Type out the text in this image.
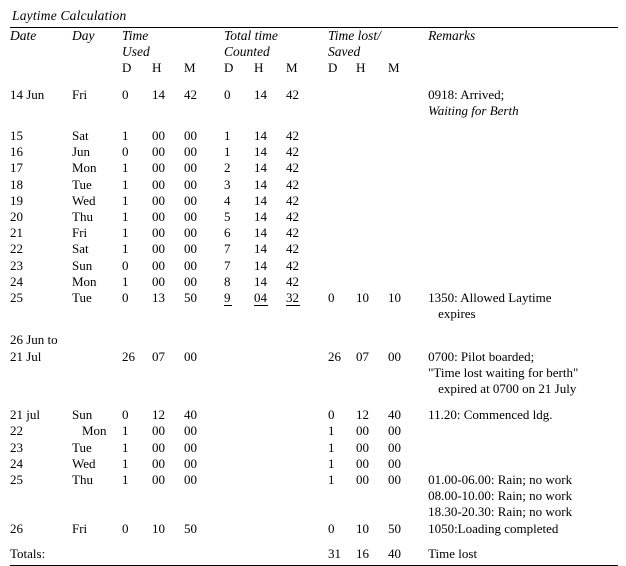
Laytime Calculation
Date	Day	Time			Total time			Time lost/			Remarks
		Used			Counted			Saved			
		D	H	M	D	H	M	D	H	M	

14 Jun	Fri	0	14	42	0	14	42				0918: Arrived;
											Waiting for Berth

15	Sat	1	00	00	1	14	42				
16	Jun	0	00	00	1	14	42				
17	Mon	1	00	00	2	14	42				
18	Tue	1	00	00	3	14	42				
19	Wed	1	00	00	4	14	42				
20	Thu	1	00	00	5	14	42				
21	Fri	1	00	00	6	14	42				
22	Sat	1	00	00	7	14	42				
23	Sun	0	00	00	7	14	42				
24	Mon	1	00	00	8	14	42				
25	Tue	0	13	50	9	04	32	0	10	10	1350: Allowed Laytime
											expires

26 Jun to											
21 Jul		26	07	00				26	07	00	0700: Pilot boarded;
											"Time lost waiting for berth"
											expired at 0700 on 21 July

21 jul	Sun	0	12	40				0	12	40	11.20: Commenced ldg.
22	Mon	1	00	00				1	00	00	
23	Tue	1	00	00				1	00	00	
24	Wed	1	00	00				1	00	00	
25	Thu	1	00	00				1	00	00	01.00-06.00: Rain; no work
											08.00-10.00: Rain; no work
											18.30-20.30: Rain; no work
26	Fri	0	10	50				0	10	50	1050:Loading completed

Totals:								31	16	40	Time lost
